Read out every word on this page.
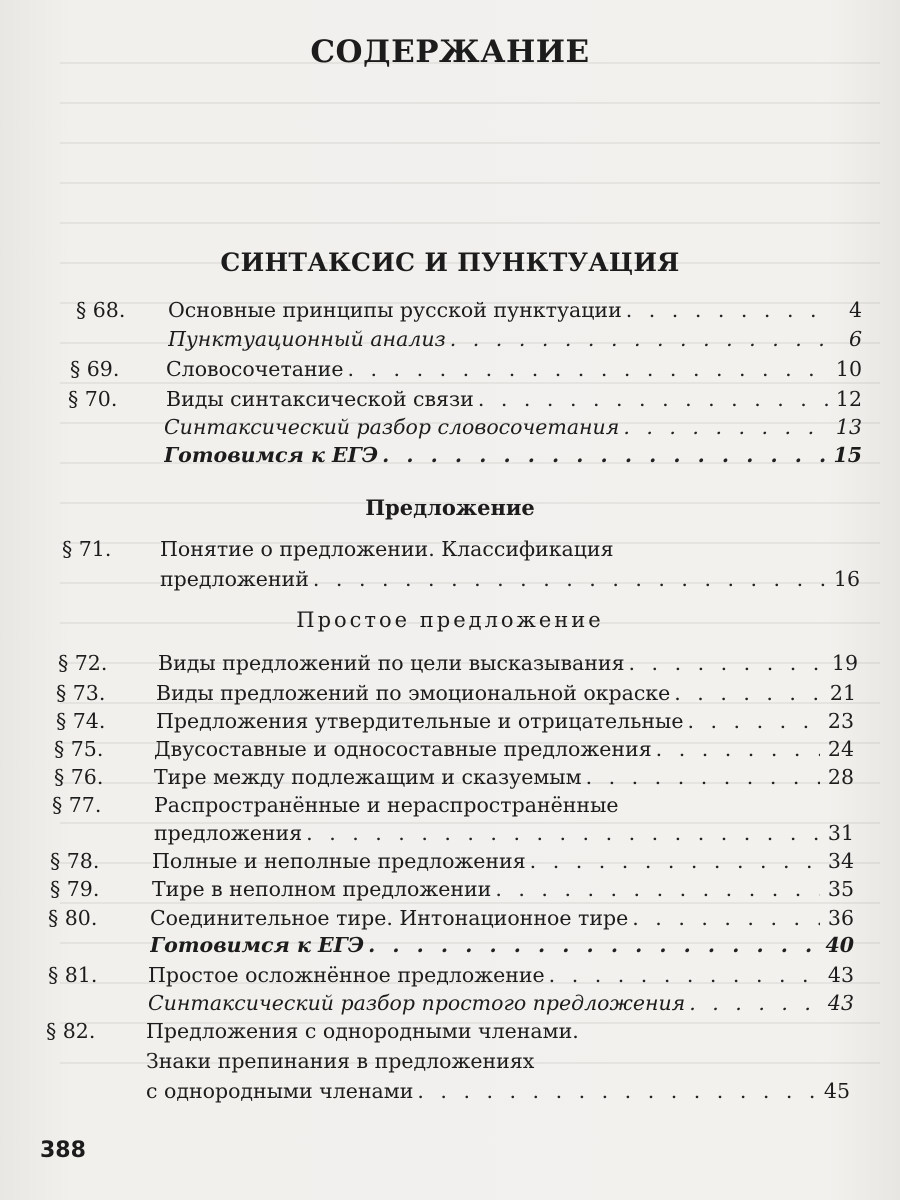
СОДЕРЖАНИЕ
СИНТАКСИС И ПУНКТУАЦИЯ
Предложение
Простое предложение
§ 68.	Основные принципы русской пунктуации . . .	4
Пунктуационный анализ . . .	6
§ 69.	Словосочетание . . .	10
§ 70.	Виды синтаксической связи . . .	12
Синтаксический разбор словосочетания . . .	13
Готовимся к ЕГЭ . . .	15
§ 71. Понятие о предложении. Классификация
предложений . . .	16
§ 72.	Виды предложений по цели высказывания . . .	19
§ 73.	Виды предложений по эмоциональной окраске . . .	21
§ 74.	Предложения утвердительные и отрицательные . . .	23
§ 75.	Двусоставные и односоставные предложения . . .	24
§ 76.	Тире между подлежащим и сказуемым . . .	28
§ 77.	Распространённые и нераспространённые
предложения . . .	31
§ 78.	Полные и неполные предложения . . .	34
§ 79.	Тире в неполном предложении . . .	35
§ 80.	Соединительное тире. Интонационное тире . . .	36
Готовимся к ЕГЭ . . .	40
§ 81.	Простое осложнённое предложение . . .	43
Синтаксический разбор простого предложения . . .	43
§ 82. Предложения с однородными членами.
Знаки препинания в предложениях
с однородными членами . . .	45
388
